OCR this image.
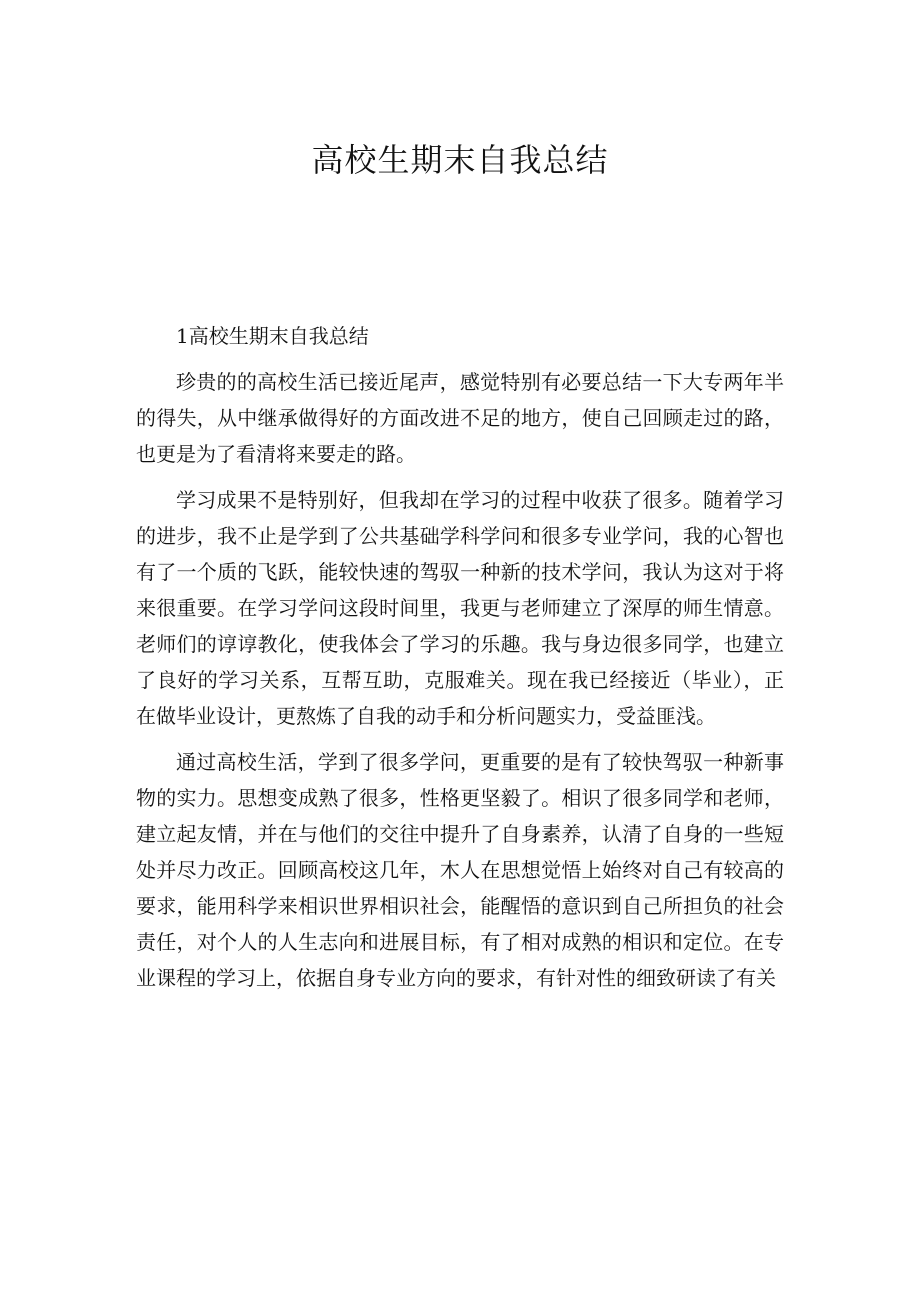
高校生期末自我总结

1高校生期末自我总结

珍贵的的高校生活已接近尾声，感觉特别有必要总结一下大专两年半的得失，从中继承做得好的方面改进不足的地方，使自己回顾走过的路，也更是为了看清将来要走的路。

学习成果不是特别好，但我却在学习的过程中收获了很多。随着学习的进步，我不止是学到了公共基础学科学问和很多专业学问，我的心智也有了一个质的飞跃，能较快速的驾驭一种新的技术学问，我认为这对于将来很重要。在学习学问这段时间里，我更与老师建立了深厚的师生情意。老师们的谆谆教化，使我体会了学习的乐趣。我与身边很多同学，也建立了良好的学习关系，互帮互助，克服难关。现在我已经接近（毕业），正在做毕业设计，更熬炼了自我的动手和分析问题实力，受益匪浅。

通过高校生活，学到了很多学问，更重要的是有了较快驾驭一种新事物的实力。思想变成熟了很多，性格更坚毅了。相识了很多同学和老师，建立起友情，并在与他们的交往中提升了自身素养，认清了自身的一些短处并尽力改正。回顾高校这几年，木人在思想觉悟上始终对自己有较高的要求，能用科学来相识世界相识社会，能醒悟的意识到自己所担负的社会责任，对个人的人生志向和进展目标，有了相对成熟的相识和定位。在专业课程的学习上，依据自身专业方向的要求，有针对性的细致研读了有关
